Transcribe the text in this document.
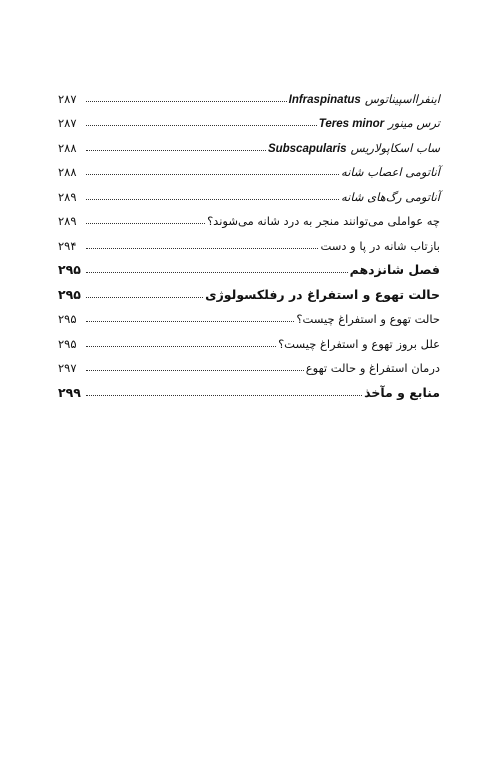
اینفرااسپیناتوسInfraspinatus
۲۸۷
ترس مینورTeres minor
۲۸۷
ساب اسکاپولاریسSubscapularis
۲۸۸
آناتومی اعصاب شانه
۲۸۸
آناتومی رگ‌های شانه
۲۸۹
چه عواملی می‌توانند منجر به درد شانه می‌شوند؟
۲۸۹
بازتاب شانه در پا و دست
۲۹۴
فصل شانزدهم
۲۹۵
حالت تهوع و استفراغ در رفلکسولوژی
۲۹۵
حالت تهوع و استفراغ چیست؟
۲۹۵
علل بروز تهوع و استفراغ چیست؟
۲۹۵
درمان استفراغ و حالت تهوع
۲۹۷
منابع و مآخذ
۲۹۹
